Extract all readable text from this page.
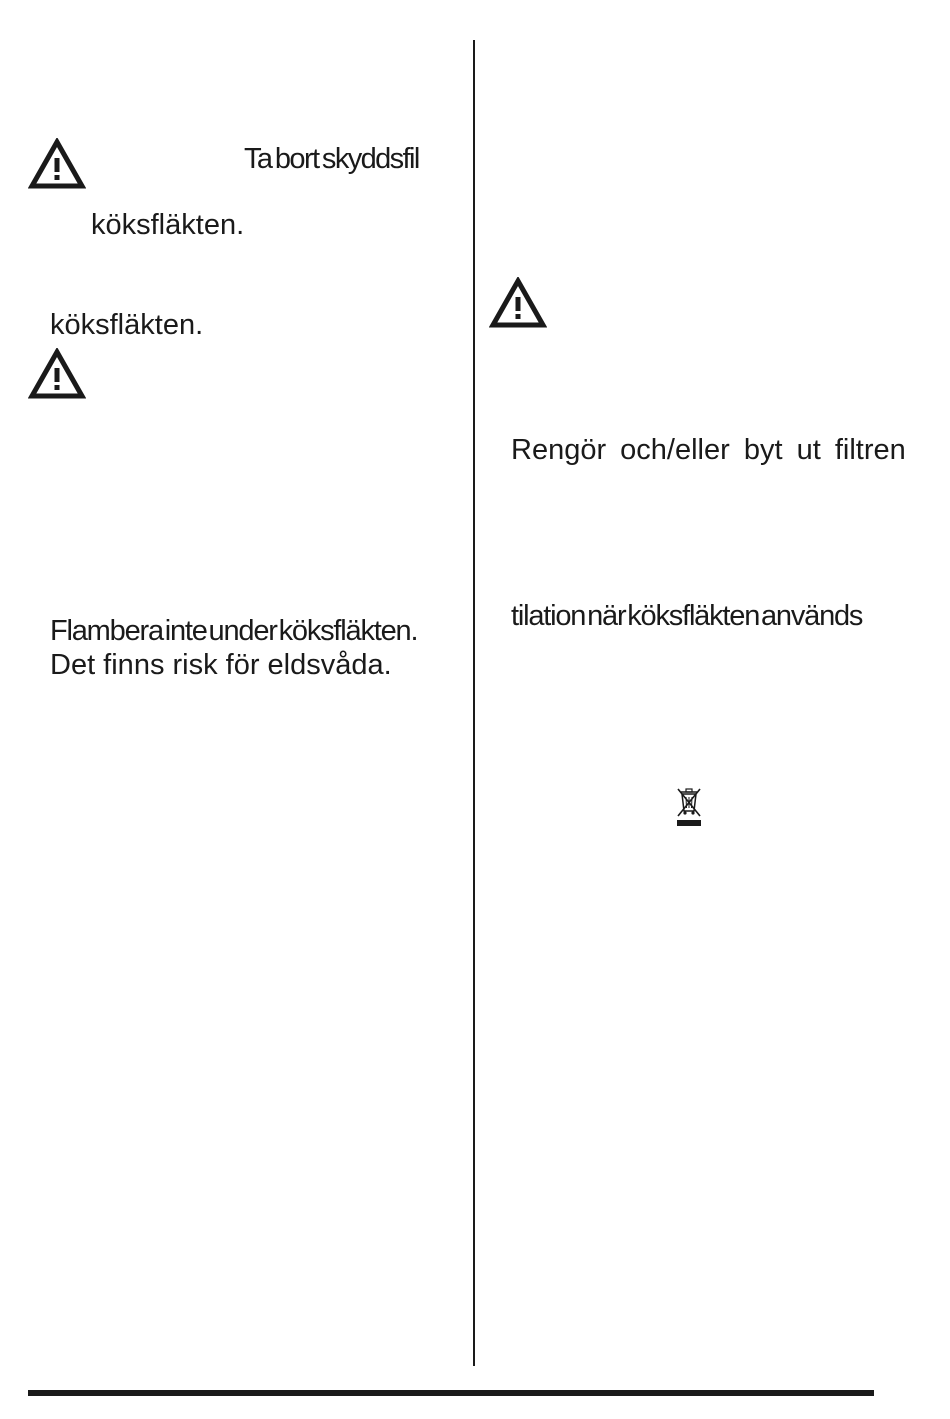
Ta bort skyddsfil
köksfläkten.
köksfläkten.
Flambera inte under köksfläkten.
Det finns risk för eldsvåda.
Rengör och/eller byt ut filtren
tilation när köksfläkten används
